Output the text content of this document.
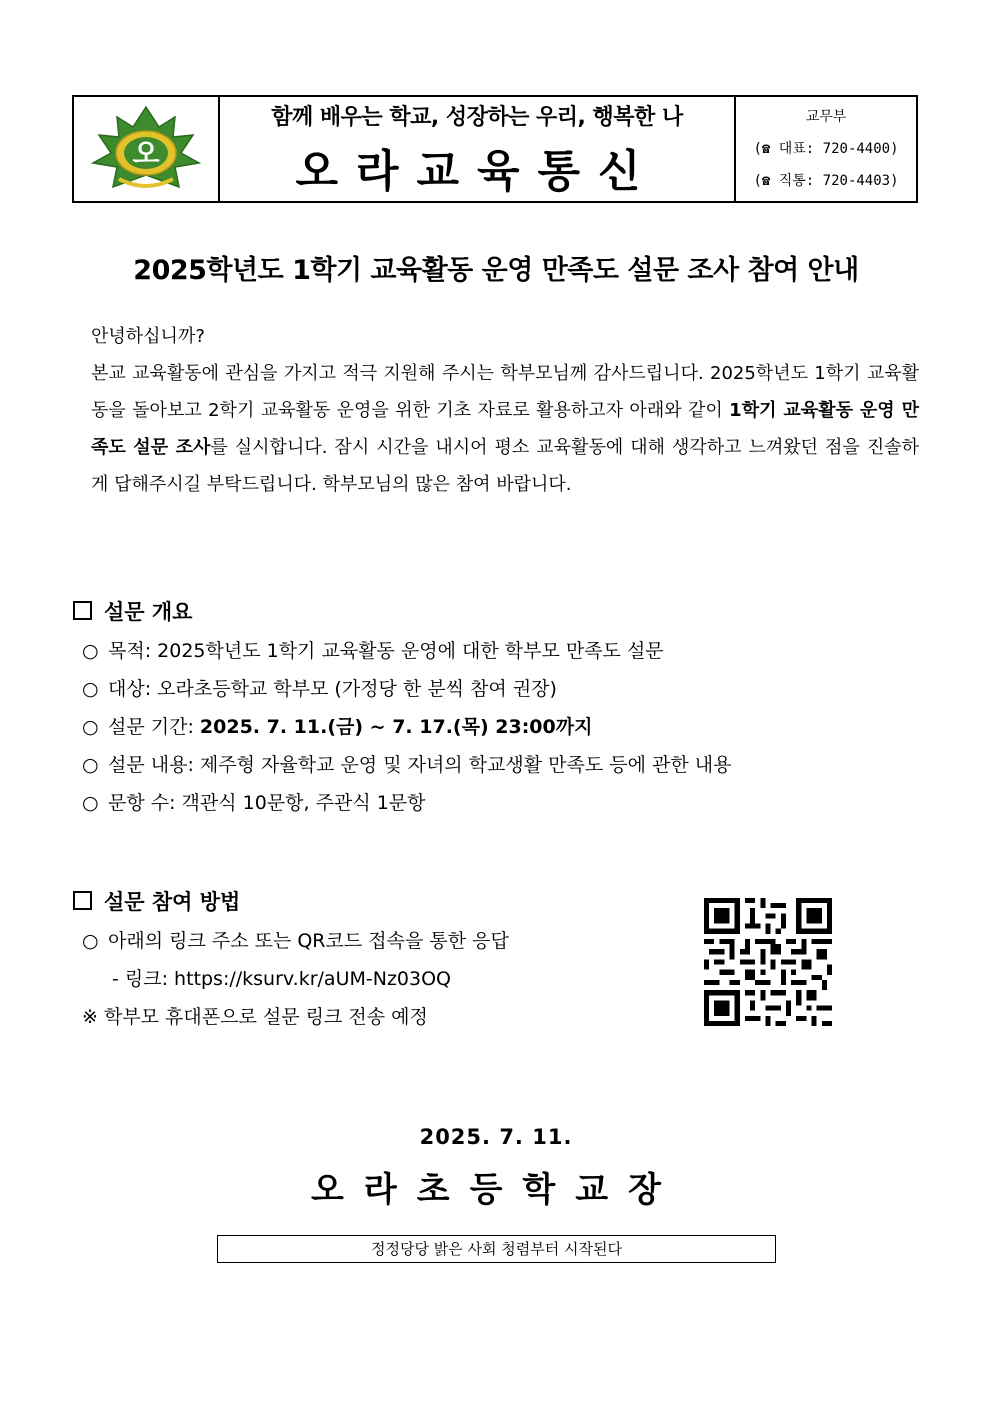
오
함께 배우는 학교, 성장하는 우리, 행복한 나
오라교육통신
교무부
(☎ 대표: 720-4400)
(☎ 직통: 720-4403)
2025학년도 1학기 교육활동 운영 만족도 설문 조사 참여 안내

안녕하십니까?

본교 교육활동에 관심을 가지고 적극 지원해 주시는 학부모님께 감사드립니다. 2025학년도 1학기 교육활동을 돌아보고 2학기 교육활동 운영을 위한 기초 자료로 활용하고자 아래와 같이 1학기 교육활동 운영 만족도 설문 조사를 실시합니다. 잠시 시간을 내시어 평소 교육활동에 대해 생각하고 느껴왔던 점을 진솔하게 답해주시길 부탁드립니다. 학부모님의 많은 참여 바랍니다.

설문 개요
○ 목적: 2025학년도 1학기 교육활동 운영에 대한 학부모 만족도 설문
○ 대상: 오라초등학교 학부모 (가정당 한 분씩 참여 권장)
○ 설문 기간: 2025. 7. 11.(금) ~ 7. 17.(목) 23:00까지
○ 설문 내용: 제주형 자율학교 운영 및 자녀의 학교생활 만족도 등에 관한 내용
○ 문항 수: 객관식 10문항, 주관식 1문항
설문 참여 방법
○ 아래의 링크 주소 또는 QR코드 접속을 통한 응답
- 링크: https://ksurv.kr/aUM-Nz03OQ
※ 학부모 휴대폰으로 설문 링크 전송 예정
2025. 7. 11.
오라초등학교장
정정당당 밝은 사회 청렴부터 시작된다
